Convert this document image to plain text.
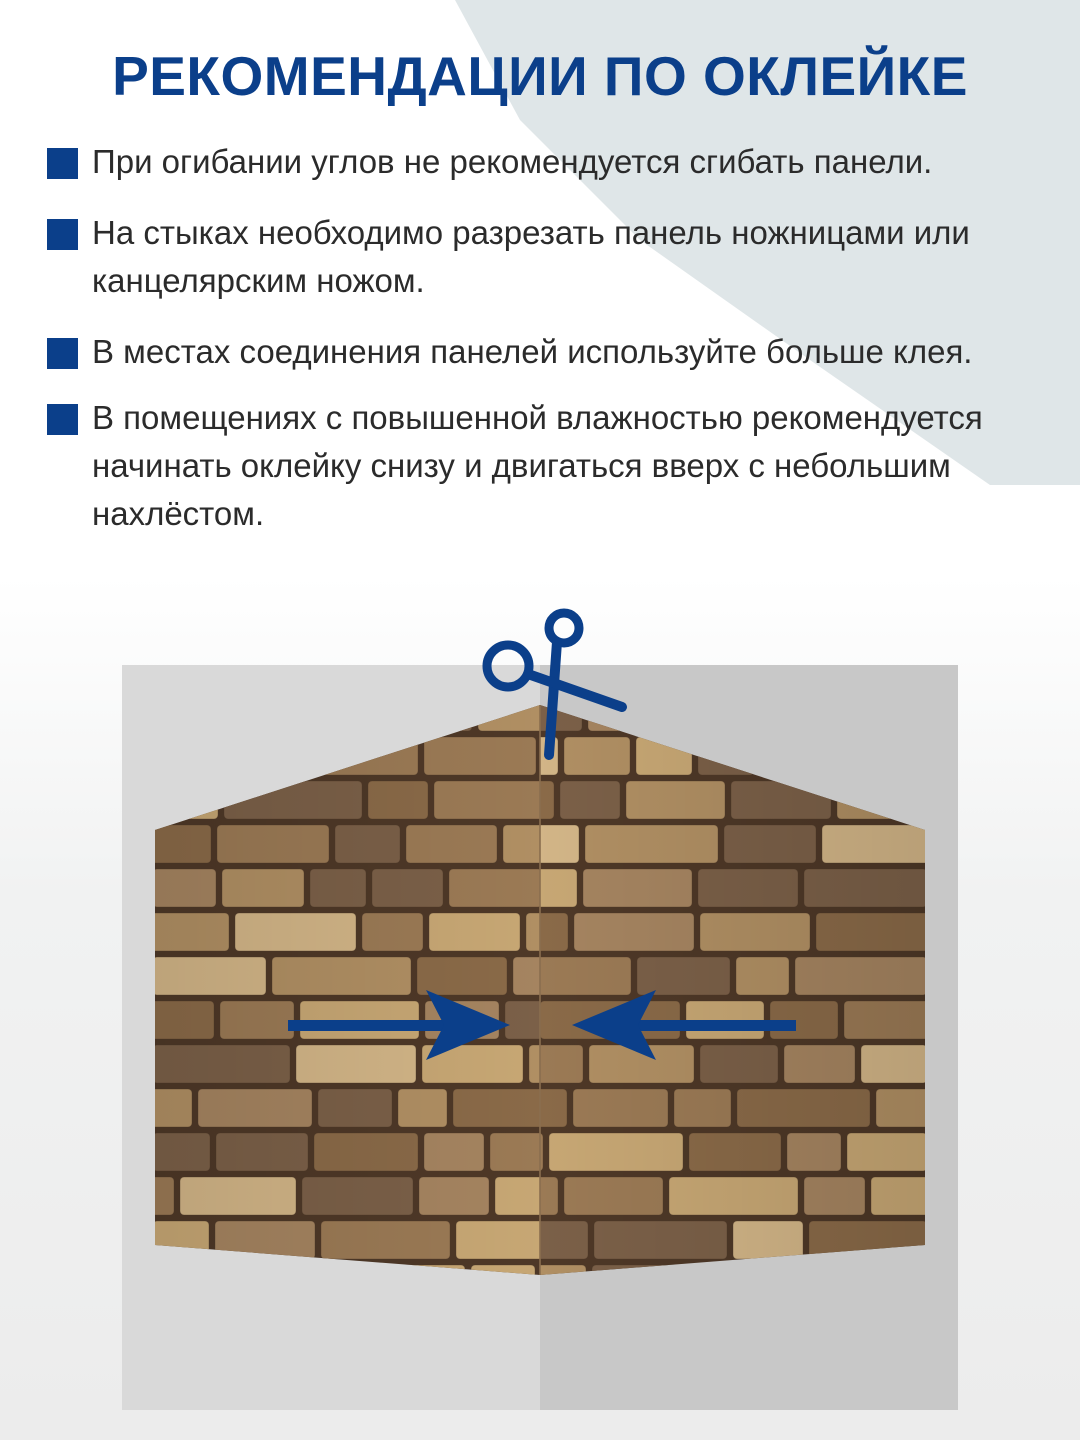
РЕКОМЕНДАЦИИ ПО ОКЛЕЙКЕ
При огибании углов не рекомендуется сгибать панели.
На стыках необходимо разрезать панель ножницами или канцелярским ножом.
В местах соединения панелей используйте больше клея.
В помещениях с повышенной влажностью рекомендуется начинать оклейку снизу и двигаться вверх с небольшим нахлёстом.
